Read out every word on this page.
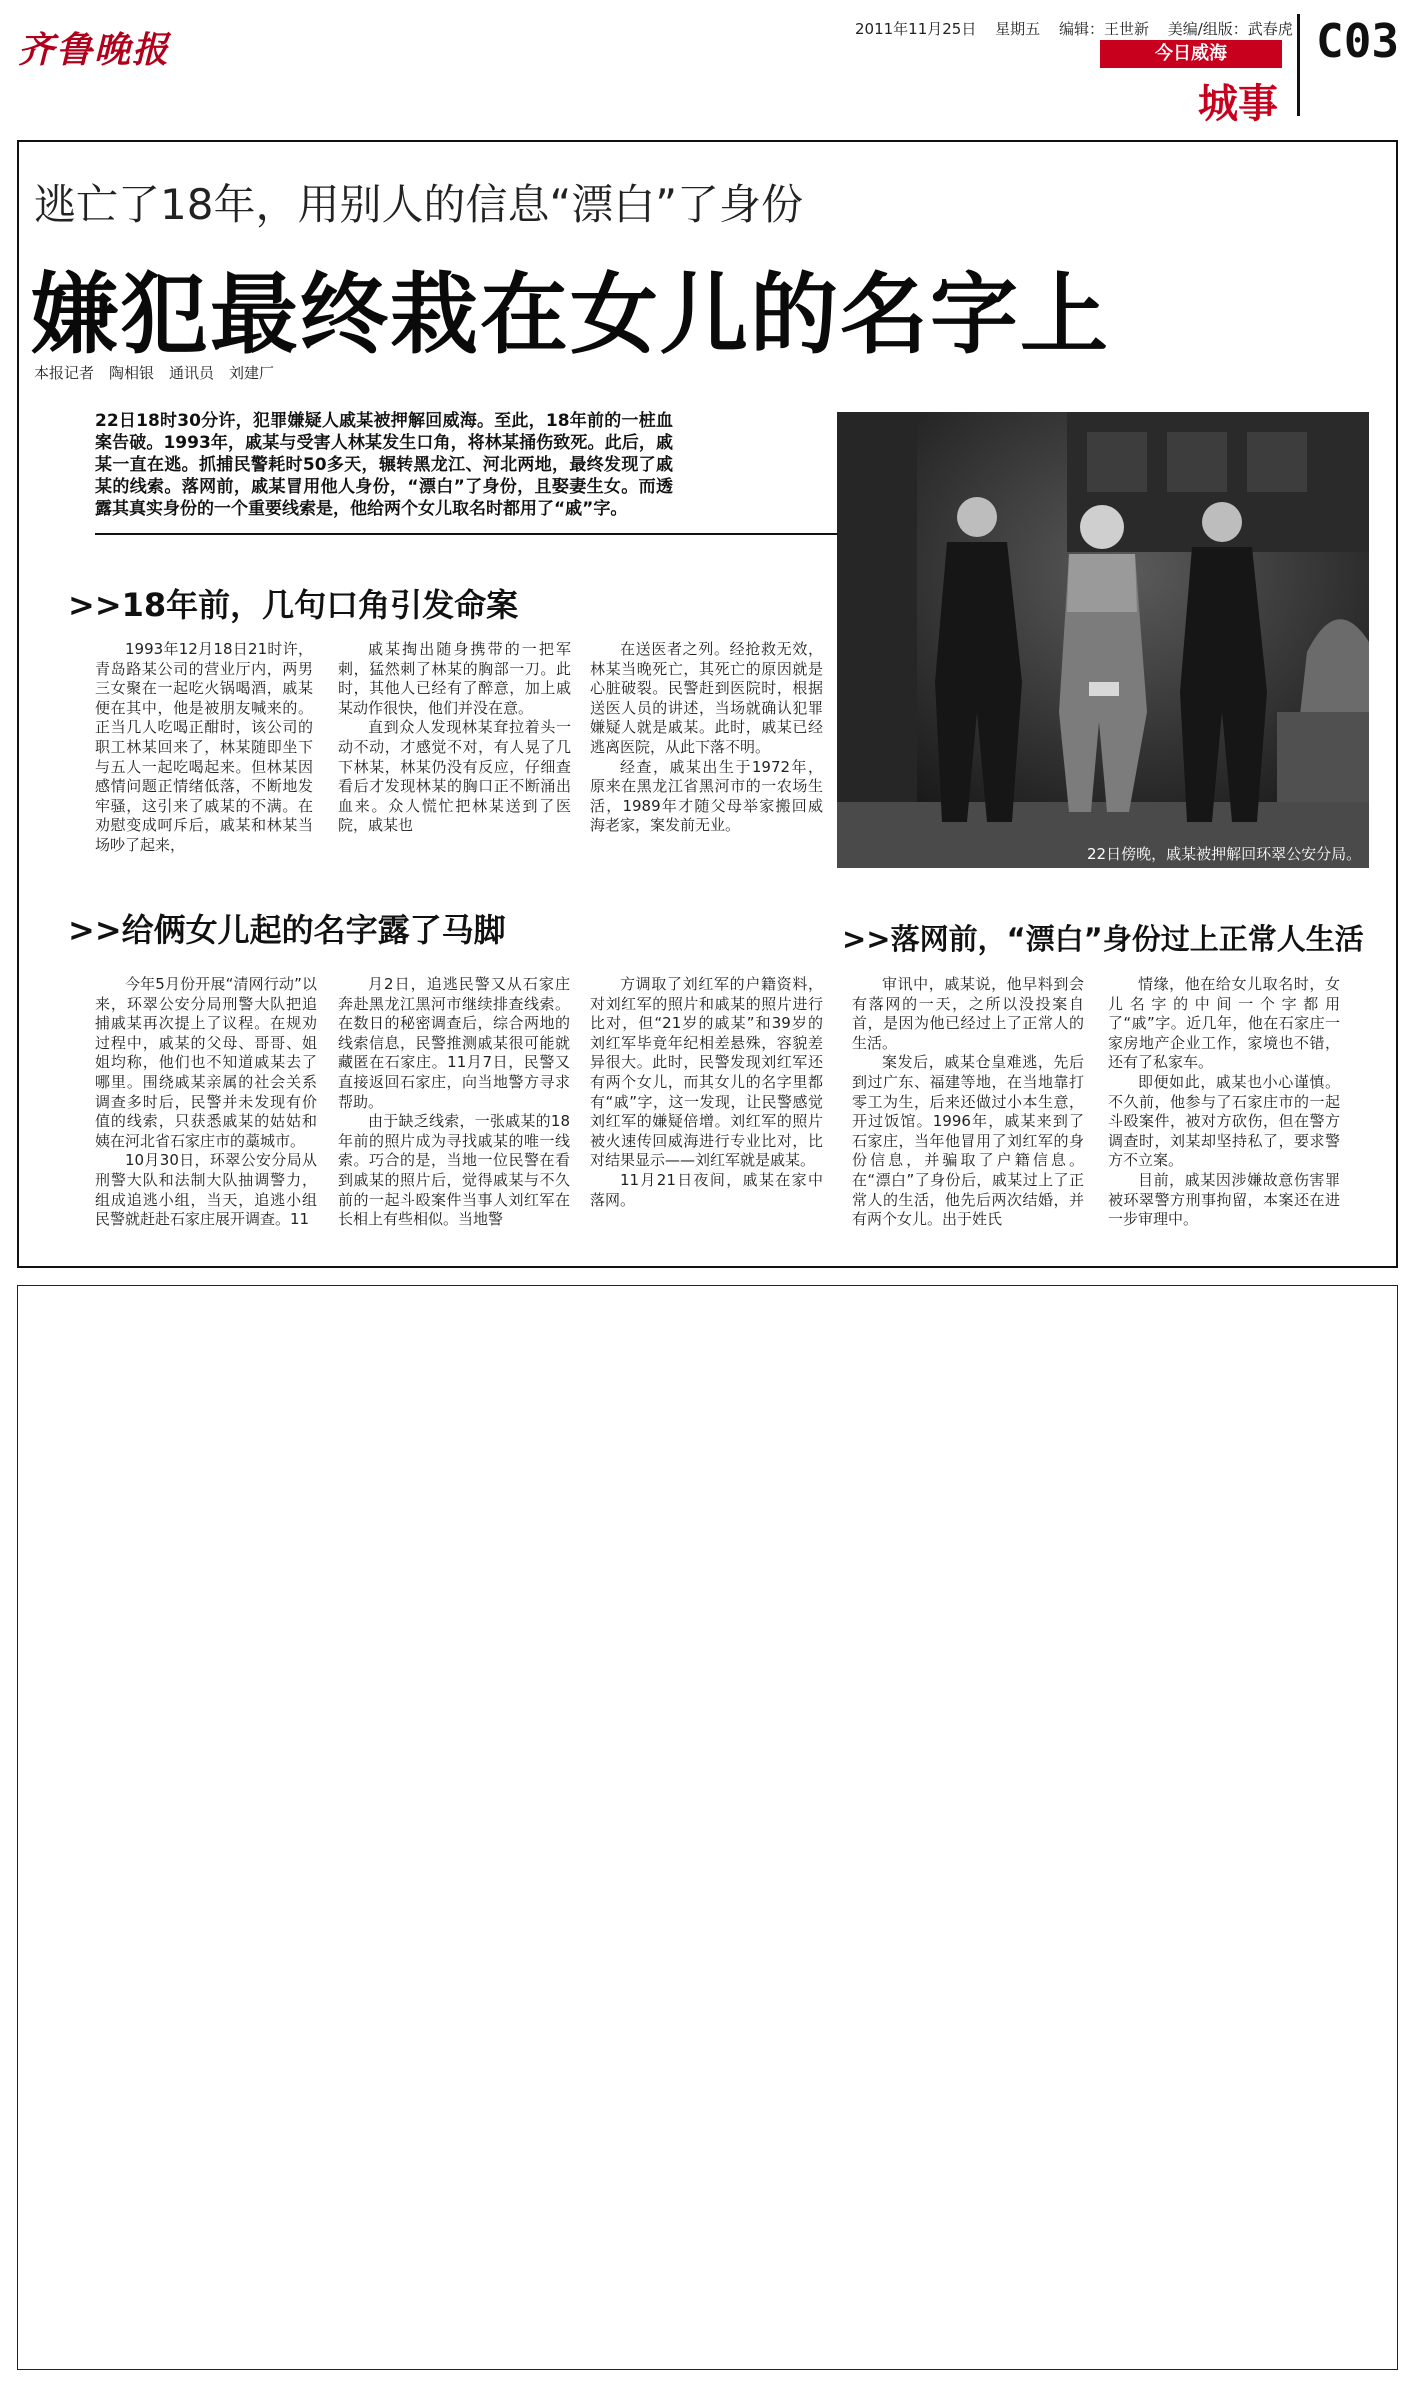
齐鲁晚报	2011年11月25日 星期五 编辑：王世新 美编/组版：武春虎
今日威海
城事
C03
逃亡了18年，用别人的信息“漂白”了身份
嫌犯最终栽在女儿的名字上
本报记者　陶相银　通讯员　刘建厂
22日18时30分许，犯罪嫌疑人戚某被押解回威海。至此，18年前的一桩血案告破。1993年，戚某与受害人林某发生口角，将林某捅伤致死。此后，戚某一直在逃。抓捕民警耗时50多天，辗转黑龙江、河北两地，最终发现了戚某的线索。落网前，戚某冒用他人身份，“漂白”了身份，且娶妻生女。而透露其真实身份的一个重要线索是，他给两个女儿取名时都用了“戚”字。
22日傍晚，戚某被押解回环翠公安分局。
>>18年前，几句口角引发命案

1993年12月18日21时许，青岛路某公司的营业厅内，两男三女聚在一起吃火锅喝酒，戚某便在其中，他是被朋友喊来的。正当几人吃喝正酣时，该公司的职工林某回来了，林某随即坐下与五人一起吃喝起来。但林某因感情问题正情绪低落，不断地发牢骚，这引来了戚某的不满。在劝慰变成呵斥后，戚某和林某当场吵了起来，

戚某掏出随身携带的一把军刺，猛然刺了林某的胸部一刀。此时，其他人已经有了醉意，加上戚某动作很快，他们并没在意。

直到众人发现林某耷拉着头一动不动，才感觉不对，有人晃了几下林某，林某仍没有反应，仔细查看后才发现林某的胸口正不断涌出血来。众人慌忙把林某送到了医院，戚某也

在送医者之列。经抢救无效，林某当晚死亡，其死亡的原因就是心脏破裂。民警赶到医院时，根据送医人员的讲述，当场就确认犯罪嫌疑人就是戚某。此时，戚某已经逃离医院，从此下落不明。

经查，戚某出生于1972年，原来在黑龙江省黑河市的一农场生活，1989年才随父母举家搬回威海老家，案发前无业。

>>给俩女儿起的名字露了马脚

今年5月份开展“清网行动”以来，环翠公安分局刑警大队把追捕戚某再次提上了议程。在规劝过程中，戚某的父母、哥哥、姐姐均称，他们也不知道戚某去了哪里。围绕戚某亲属的社会关系调查多时后，民警并未发现有价值的线索，只获悉戚某的姑姑和姨在河北省石家庄市的藁城市。

10月30日，环翠公安分局从刑警大队和法制大队抽调警力，组成追逃小组，当天，追逃小组民警就赶赴石家庄展开调查。11

月2日，追逃民警又从石家庄奔赴黑龙江黑河市继续排查线索。在数日的秘密调查后，综合两地的线索信息，民警推测戚某很可能就藏匿在石家庄。11月7日，民警又直接返回石家庄，向当地警方寻求帮助。

由于缺乏线索，一张戚某的18年前的照片成为寻找戚某的唯一线索。巧合的是，当地一位民警在看到戚某的照片后，觉得戚某与不久前的一起斗殴案件当事人刘红军在长相上有些相似。当地警

方调取了刘红军的户籍资料，对刘红军的照片和戚某的照片进行比对，但“21岁的戚某”和39岁的刘红军毕竟年纪相差悬殊，容貌差异很大。此时，民警发现刘红军还有两个女儿，而其女儿的名字里都有“戚”字，这一发现，让民警感觉刘红军的嫌疑倍增。刘红军的照片被火速传回威海进行专业比对，比对结果显示——刘红军就是戚某。

11月21日夜间，戚某在家中落网。

>>落网前，“漂白”身份过上正常人生活

审讯中，戚某说，他早料到会有落网的一天，之所以没投案自首，是因为他已经过上了正常人的生活。

案发后，戚某仓皇难逃，先后到过广东、福建等地，在当地靠打零工为生，后来还做过小本生意，开过饭馆。1996年，戚某来到了石家庄，当年他冒用了刘红军的身份信息，并骗取了户籍信息。在“漂白”了身份后，戚某过上了正常人的生活，他先后两次结婚，并有两个女儿。出于姓氏

情缘，他在给女儿取名时，女儿名字的中间一个字都用了“戚”字。近几年，他在石家庄一家房地产企业工作，家境也不错，还有了私家车。

即便如此，戚某也小心谨慎。不久前，他参与了石家庄市的一起斗殴案件，被对方砍伤，但在警方调查时，刘某却坚持私了，要求警方不立案。

目前，戚某因涉嫌故意伤害罪被环翠警方刑事拘留，本案还在进一步审理中。
